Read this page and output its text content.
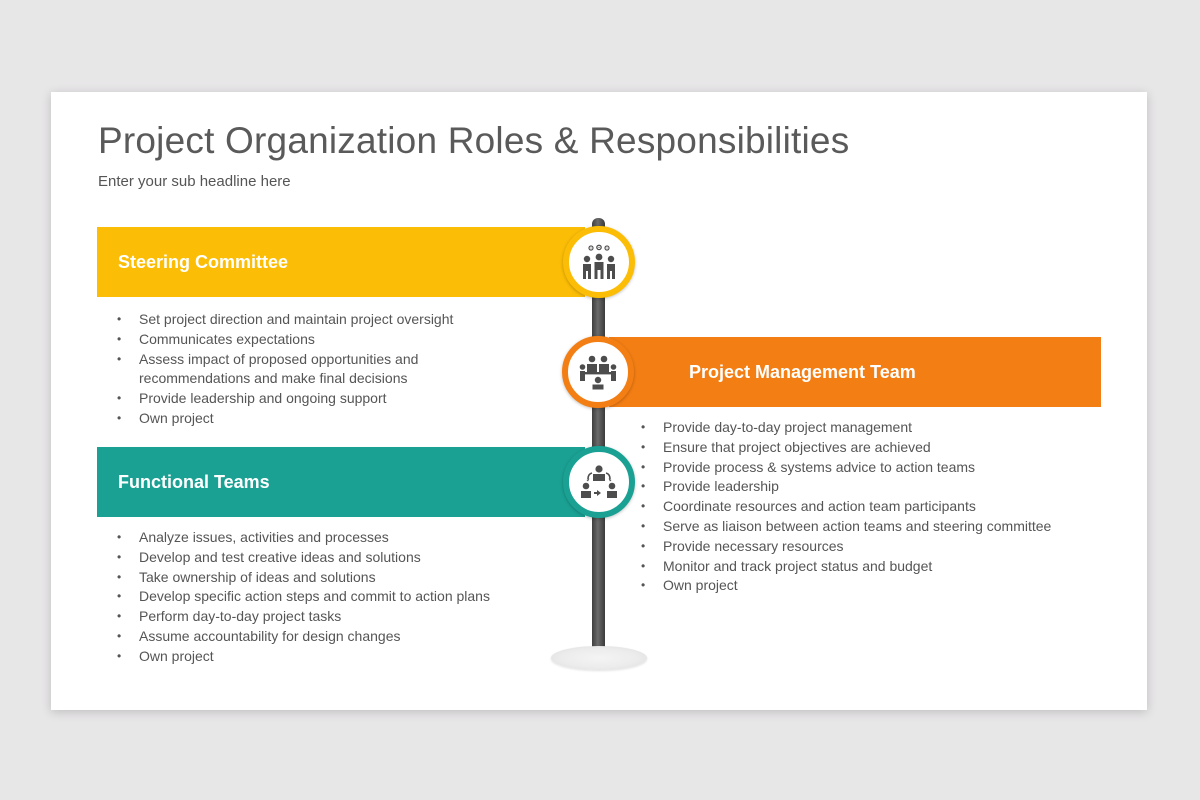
Project Organization Roles & Responsibilities

Enter your sub headline here

Steering Committee
• Set project direction and maintain project oversight
• Communicates expectations
• Assess impact of proposed opportunities and recommendations and make final decisions
• Provide leadership and ongoing support
• Own project
Project Management Team
• Provide day-to-day project management
• Ensure that project objectives are achieved
• Provide process & systems advice to action teams
• Provide leadership
• Coordinate resources and action team participants
• Serve as liaison between action teams and steering committee
• Provide necessary resources
• Monitor and track project status and budget
• Own project
Functional Teams
• Analyze issues, activities and processes
• Develop and test creative ideas and solutions
• Take ownership of ideas and solutions
• Develop specific action steps and commit to action plans
• Perform day-to-day project tasks
• Assume accountability for design changes
• Own project
